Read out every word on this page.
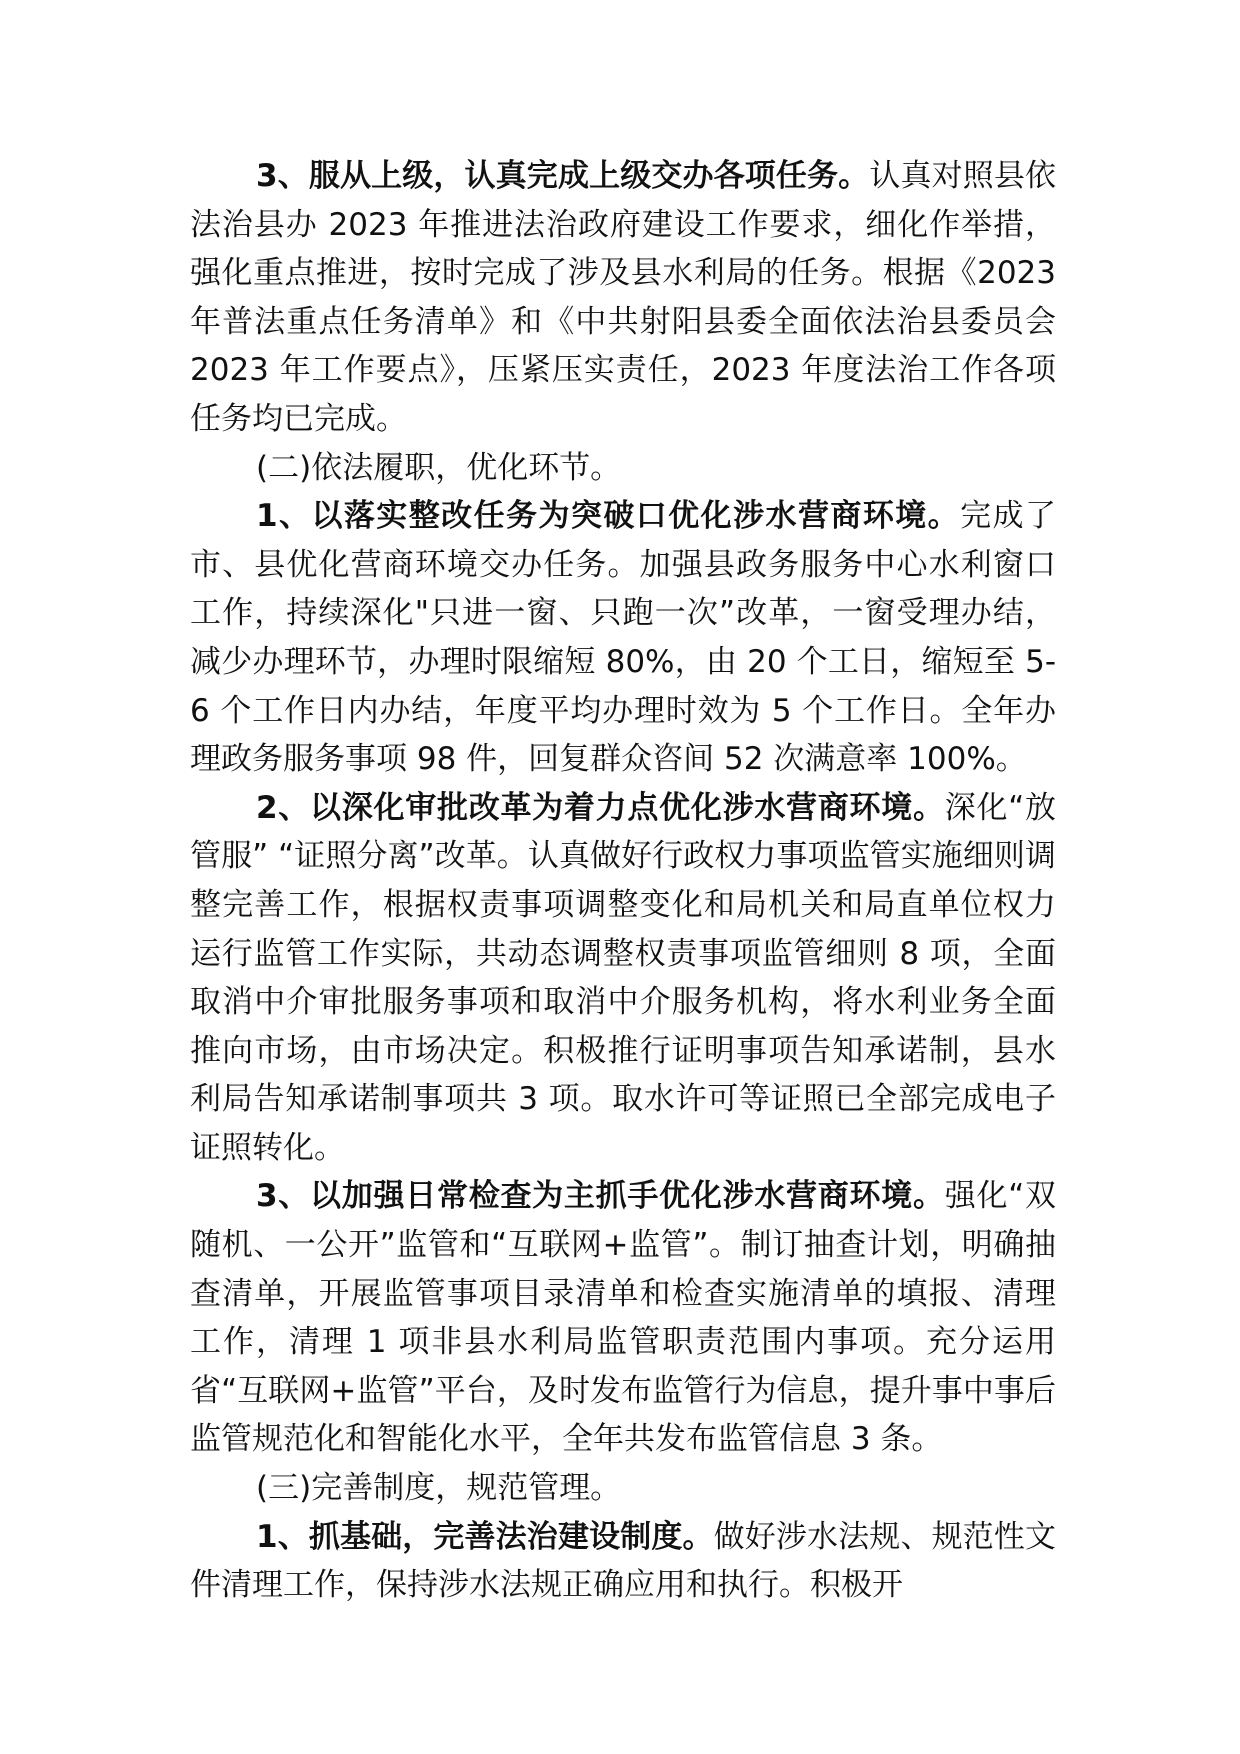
3、服从上级，认真完成上级交办各项任务。认真对照县依法治县办 2023 年推进法治政府建设工作要求，细化作举措，强化重点推进，按时完成了涉及县水利局的任务。根据《2023 年普法重点任务清单》和《中共射阳县委全面依法治县委员会 2023 年工作要点》，压紧压实责任，2023 年度法治工作各项任务均已完成。

(二)依法履职，优化环节。

1、以落实整改任务为突破口优化涉水营商环境。完成了市、县优化营商环境交办任务。加强县政务服务中心水利窗口工作，持续深化"只进一窗、只跑一次”改革，一窗受理办结，减少办理环节，办理时限缩短 80%，由 20 个工日，缩短至 5-6 个工作日内办结，年度平均办理时效为 5 个工作日。全年办理政务服务事项 98 件，回复群众咨间 52 次满意率 100%。

2、以深化审批改革为着力点优化涉水营商环境。深化“放管服” “证照分离”改革。认真做好行政权力事项监管实施细则调整完善工作，根据权责事项调整变化和局机关和局直单位权力运行监管工作实际，共动态调整权责事项监管细则 8 项，全面取消中介审批服务事项和取消中介服务机构，将水利业务全面推向市场，由市场决定。积极推行证明事项告知承诺制，县水利局告知承诺制事项共 3 项。取水许可等证照已全部完成电子证照转化。

3、以加强日常检查为主抓手优化涉水营商环境。强化“双随机、一公开”监管和“互联网+监管”。制订抽查计划，明确抽查清单，开展监管事项目录清单和检查实施清单的填报、清理工作，清理 1 项非县水利局监管职责范围内事项。充分运用省“互联网+监管”平台，及时发布监管行为信息，提升事中事后监管规范化和智能化水平，全年共发布监管信息 3 条。

(三)完善制度，规范管理。

1、抓基础，完善法治建设制度。做好涉水法规、规范性文件清理工作，保持涉水法规正确应用和执行。积极开
